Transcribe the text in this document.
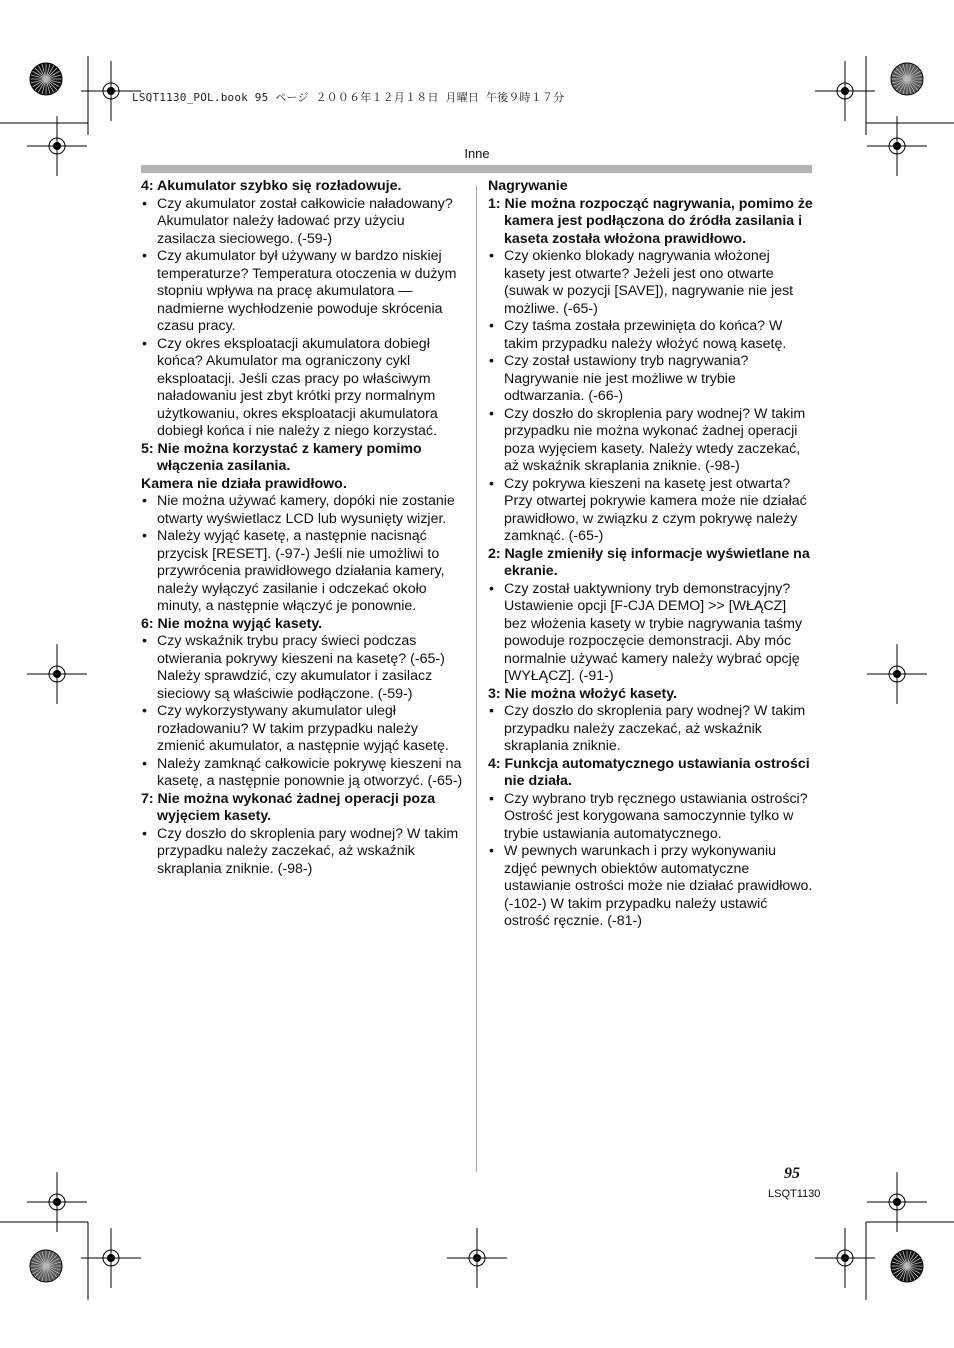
LSQT1130_POL.book 95 ページ ２００６年１２月１８日 月曜日 午後９時１７分
Inne
4: Akumulator szybko się rozładowuje.
• Czy akumulator został całkowicie naładowany? Akumulator należy ładować przy użyciu zasilacza sieciowego. (-59-)
• Czy akumulator był używany w bardzo niskiej temperaturze? Temperatura otoczenia w dużym stopniu wpływa na pracę akumulatora — nadmierne wychłodzenie powoduje skrócenia czasu pracy.
• Czy okres eksploatacji akumulatora dobiegł końca? Akumulator ma ograniczony cykl eksploatacji. Jeśli czas pracy po właściwym naładowaniu jest zbyt krótki przy normalnym użytkowaniu, okres eksploatacji akumulatora dobiegł końca i nie należy z niego korzystać.
5: Nie można korzystać z kamery pomimo włączenia zasilania.
Kamera nie działa prawidłowo.
• Nie można używać kamery, dopóki nie zostanie otwarty wyświetlacz LCD lub wysunięty wizjer.
• Należy wyjąć kasetę, a następnie nacisnąć przycisk [RESET]. (-97-) Jeśli nie umożliwi to przywrócenia prawidłowego działania kamery, należy wyłączyć zasilanie i odczekać około minuty, a następnie włączyć je ponownie.
6: Nie można wyjąć kasety.
• Czy wskaźnik trybu pracy świeci podczas otwierania pokrywy kieszeni na kasetę? (-65-) Należy sprawdzić, czy akumulator i zasilacz sieciowy są właściwie podłączone. (-59-)
• Czy wykorzystywany akumulator uległ rozładowaniu? W takim przypadku należy zmienić akumulator, a następnie wyjąć kasetę.
• Należy zamknąć całkowicie pokrywę kieszeni na kasetę, a następnie ponownie ją otworzyć. (-65-)
7: Nie można wykonać żadnej operacji poza wyjęciem kasety.
• Czy doszło do skroplenia pary wodnej? W takim przypadku należy zaczekać, aż wskaźnik skraplania zniknie. (-98-)
Nagrywanie
1: Nie można rozpocząć nagrywania, pomimo że kamera jest podłączona do źródła zasilania i kaseta została włożona prawidłowo.
• Czy okienko blokady nagrywania włożonej kasety jest otwarte? Jeżeli jest ono otwarte (suwak w pozycji [SAVE]), nagrywanie nie jest możliwe. (-65-)
• Czy taśma została przewinięta do końca? W takim przypadku należy włożyć nową kasetę.
• Czy został ustawiony tryb nagrywania? Nagrywanie nie jest możliwe w trybie odtwarzania. (-66-)
• Czy doszło do skroplenia pary wodnej? W takim przypadku nie można wykonać żadnej operacji poza wyjęciem kasety. Należy wtedy zaczekać, aż wskaźnik skraplania zniknie. (-98-)
• Czy pokrywa kieszeni na kasetę jest otwarta? Przy otwartej pokrywie kamera może nie działać prawidłowo, w związku z czym pokrywę należy zamknąć. (-65-)
2: Nagle zmieniły się informacje wyświetlane na ekranie.
• Czy został uaktywniony tryb demonstracyjny? Ustawienie opcji [F-CJA DEMO] >> [WŁĄCZ] bez włożenia kasety w trybie nagrywania taśmy powoduje rozpoczęcie demonstracji. Aby móc normalnie używać kamery należy wybrać opcję [WYŁĄCZ]. (-91-)
3: Nie można włożyć kasety.
• Czy doszło do skroplenia pary wodnej? W takim przypadku należy zaczekać, aż wskaźnik skraplania zniknie.
4: Funkcja automatycznego ustawiania ostrości nie działa.
• Czy wybrano tryb ręcznego ustawiania ostrości? Ostrość jest korygowana samoczynnie tylko w trybie ustawiania automatycznego.
• W pewnych warunkach i przy wykonywaniu zdjęć pewnych obiektów automatyczne ustawianie ostrości może nie działać prawidłowo. (-102-) W takim przypadku należy ustawić ostrość ręcznie. (-81-)
95
LSQT1130
